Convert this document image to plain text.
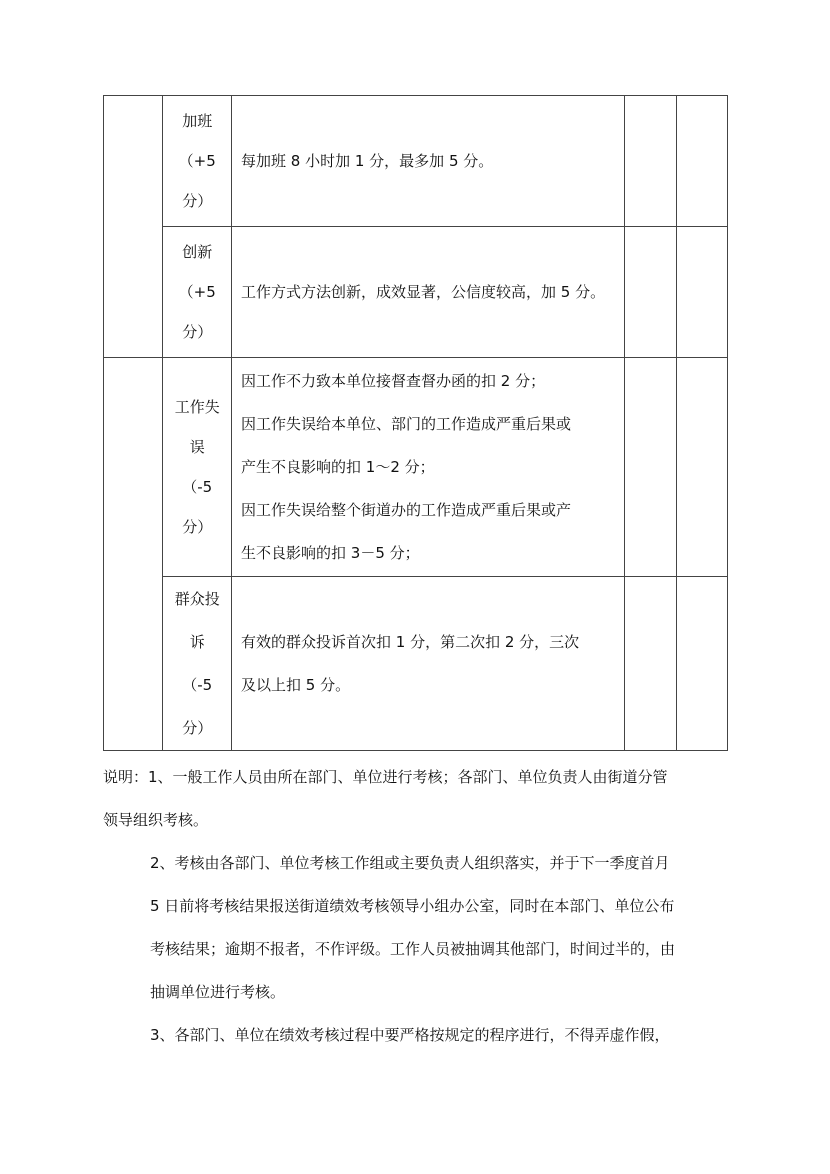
	加班
（+5
分）	每加班 8 小时加 1 分，最多加 5 分。		

	创新
（+5
分）	工作方式方法创新，成效显著，公信度较高，加 5 分。		

	工作失
误
（-5
分）	因工作不力致本单位接督查督办函的扣 2 分；
因工作失误给本单位、部门的工作造成严重后果或
产生不良影响的扣 1～2 分；
因工作失误给整个街道办的工作造成严重后果或产
生不良影响的扣 3－5 分；		

	群众投
诉
（-5
分）	有效的群众投诉首次扣 1 分，第二次扣 2 分，三次
及以上扣 5 分。		

说明：1、一般工作人员由所在部门、单位进行考核；各部门、单位负责人由街道分管
领导组织考核。
2、考核由各部门、单位考核工作组或主要负责人组织落实，并于下一季度首月
5 日前将考核结果报送街道绩效考核领导小组办公室，同时在本部门、单位公布
考核结果；逾期不报者，不作评级。工作人员被抽调其他部门，时间过半的，由
抽调单位进行考核。
3、各部门、单位在绩效考核过程中要严格按规定的程序进行，不得弄虚作假，
